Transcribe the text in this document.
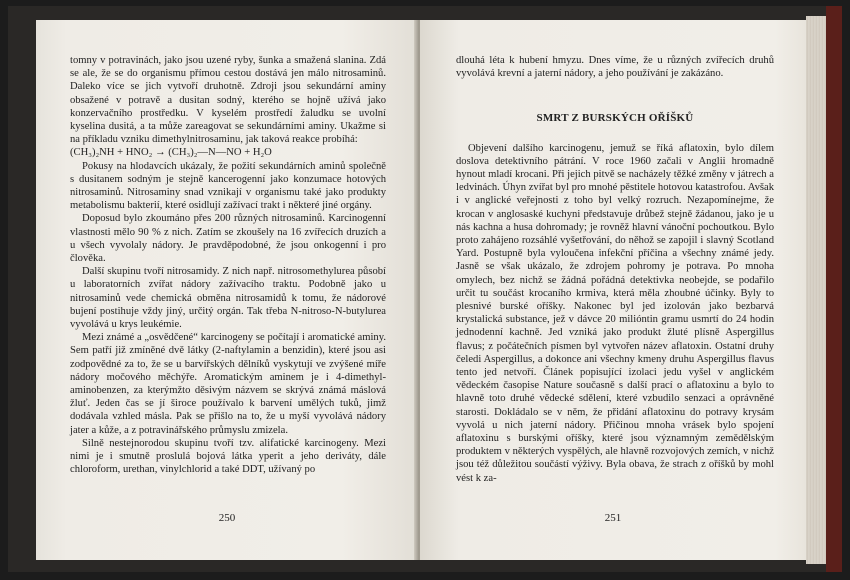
tomny v potravinách, jako jsou uzené ryby, šunka a smažená slanina. Zdá se ale, že se do organismu přímou cestou dostává jen málo nitrosaminů. Daleko více se jich vytvoří druhotně. Zdroji jsou sekundární aminy obsažené v potravě a dusitan sodný, kterého se hojně užívá jako konzervačního prostředku. V kyselém prostředí žaludku se uvolní kyselina dusitá, a ta může zareagovat se sekundárními aminy. Ukažme si na příkladu vzniku dimethylnitrosaminu, jak taková reakce probíhá:

(CH₃)₂NH + HNO₂ → (CH₃)₂—N—NO + H₂O

Pokusy na hlodavcích ukázaly, že požití sekundárních aminů společně s dusitanem sodným je stejně kancerogenní jako konzumace hotových nitrosaminů. Nitrosaminy snad vznikají v organismu také jako produkty metabolismu bakterií, které osidlují zažívací trakt i některé jiné orgány.

Doposud bylo zkoumáno přes 200 různých nitrosaminů. Karcinogenní vlastnosti mělo 90 % z nich. Zatím se zkoušely na 16 zvířecích druzích a u všech vyvolaly nádory. Je pravděpodobné, že jsou onkogenní i pro člověka.

Další skupinu tvoří nitrosamidy. Z nich např. nitrosomethylurea působí u laboratorních zvířat nádory zažívacího traktu. Podobně jako u nitrosaminů vede chemická obměna nitrosamidů k tomu, že nádorové bujení postihuje vždy jiný, určitý orgán. Tak třeba N-nitroso-N-butylurea vyvolává u krys leukémie.

Mezi známé a „osvědčené“ karcinogeny se počítají i aromatické aminy. Sem patří již zmíněné dvě látky (2-naftylamin a benzidin), které jsou asi zodpovědné za to, že se u barvířských dělníků vyskytují ve zvýšené míře nádory močového měchýře. Aromatickým aminem je i 4-dimethyl-aminobenzen, za kterýmžto děsivým názvem se skrývá známá máslová žluť. Jeden čas se jí široce používalo k barvení umělých tuků, jimž dodávala vzhled másla. Pak se přišlo na to, že u myší vyvolává nádory jater a kůže, a z potravinářského průmyslu zmizela.

Silně nestejnorodou skupinu tvoří tzv. alifatické karcinogeny. Mezi nimi je i smutně proslulá bojová látka yperit a jeho deriváty, dále chloroform, urethan, vinylchlorid a také DDT, užívaný po

250

dlouhá léta k hubení hmyzu. Dnes víme, že u různých zvířecích druhů vyvolává krevní a jaterní nádory, a jeho používání je zakázáno.

SMRT Z BURSKÝCH OŘÍŠKŮ

Objevení dalšího karcinogenu, jemuž se říká aflatoxin, bylo dílem doslova detektivního pátrání. V roce 1960 začali v Anglii hromadně hynout mladí krocani. Při jejich pitvě se nacházely těžké změny v játrech a ledvinách. Úhyn zvířat byl pro mnohé pěstitele hotovou katastrofou. Avšak i v anglické veřejnosti z toho byl velký rozruch. Nezapomínejme, že krocan v anglosaské kuchyni představuje drůbež stejně žádanou, jako je u nás kachna a husa dohromady; je rovněž hlavní vánoční pochoutkou. Bylo proto zahájeno rozsáhlé vyšetřování, do něhož se zapojil i slavný Scotland Yard. Postupně byla vyloučena infekční příčina a všechny známé jedy. Jasně se však ukázalo, že zdrojem pohromy je potrava. Po mnoha omylech, bez nichž se žádná pořádná detektivka neobejde, se podařilo určit tu součást krocaního krmiva, která měla zhoubné účinky. Byly to plesnivé burské oříšky. Nakonec byl jed izolován jako bezbarvá krystalická substance, jež v dávce 20 milióntin gramu usmrtí do 24 hodin jednodenní kachně. Jed vzniká jako produkt žluté plísně Aspergillus flavus; z počátečních písmen byl vytvořen název aflatoxin. Ostatní druhy čeledi Aspergillus, a dokonce ani všechny kmeny druhu Aspergillus flavus tento jed netvoří. Článek popisující izolaci jedu vyšel v anglickém vědeckém časopise Nature současně s další prací o aflatoxinu a bylo to hlavně toto druhé vědecké sdělení, které vzbudilo senzaci a oprávněné starosti. Dokládalo se v něm, že přidání aflatoxinu do potravy krysám vyvolá u nich jaterní nádory. Přičinou mnoha vrásek bylo spojení aflatoxinu s burskými oříšky, které jsou významným zemědělským produktem v některých vyspělých, ale hlavně rozvojových zemích, v nichž jsou též důležitou součástí výživy. Byla obava, že strach z oříšků by mohl vést k za-

251
